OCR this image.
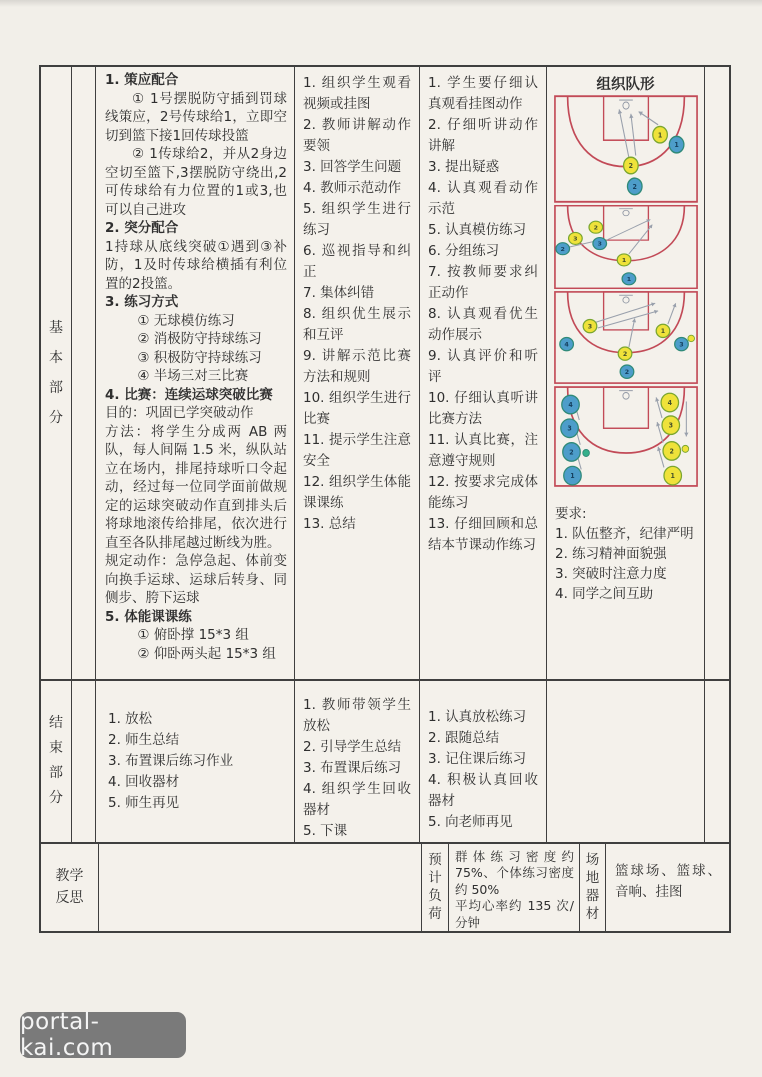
基本部分
1. 策应配合
① 1号摆脱防守插到罚球线策应，2号传球给1，立即空切到篮下接1回传球投篮
② 1传球给2，并从2身边空切至篮下,3摆脱防守绕出,2可传球给有力位置的1或3,也可以自己进攻
2. 突分配合
1持球从底线突破①遇到③补防，1及时传球给横插有利位置的2投篮。
3. 练习方式
① 无球模仿练习
② 消极防守持球练习
③ 积极防守持球练习
④ 半场三对三比赛
4. 比赛：连续运球突破比赛
目的：巩固已学突破动作
方法：将学生分成两 AB 两队，每人间隔 1.5 米，纵队站立在场内，排尾持球听口令起动，经过每一位同学面前做规定的运球突破动作直到排头后将球地滚传给排尾，依次进行直至各队排尾越过断线为胜。
规定动作：急停急起、体前变向换手运球、运球后转身、同侧步、胯下运球
5. 体能课课练
① 俯卧撑 15*3 组
② 仰卧两头起 15*3 组
1. 组织学生观看视频或挂图
2. 教师讲解动作要领
3. 回答学生问题
4. 教师示范动作
5. 组织学生进行练习
6. 巡视指导和纠正
7. 集体纠错
8. 组织优生展示和互评
9. 讲解示范比赛方法和规则
10. 组织学生进行比赛
11. 提示学生注意安全
12. 组织学生体能课课练
13. 总结
1. 学生要仔细认真观看挂图动作
2. 仔细听讲动作讲解
3. 提出疑惑
4. 认真观看动作示范
5. 认真模仿练习
6. 分组练习
7. 按教师要求纠正动作
8. 认真观看优生动作展示
9. 认真评价和听评
10. 仔细认真听讲比赛方法
11. 认真比赛，注意遵守规则
12. 按要求完成体能练习
13. 仔细回顾和总结本节课动作练习
组织队形
1
1
2
2
2
3
3
2
1
1
3
4
1
3
2
2
4
3
2
1
4
3
2
1
要求:
1. 队伍整齐，纪律严明
2. 练习精神面貌强
3. 突破时注意力度
4. 同学之间互助
结束部分
1. 放松
2. 师生总结
3. 布置课后练习作业
4. 回收器材
5. 师生再见
1. 教师带领学生放松
2. 引导学生总结
3. 布置课后练习
4. 组织学生回收器材
5. 下课
1. 认真放松练习
2. 跟随总结
3. 记住课后练习
4. 积极认真回收器材
5. 向老师再见
教学反思
预计负荷
群体练习密度约75%、个体练习密度约 50%
平均心率约 135 次/分钟
场地器材
篮球场、篮球、音响、挂图
portal-kai.com
